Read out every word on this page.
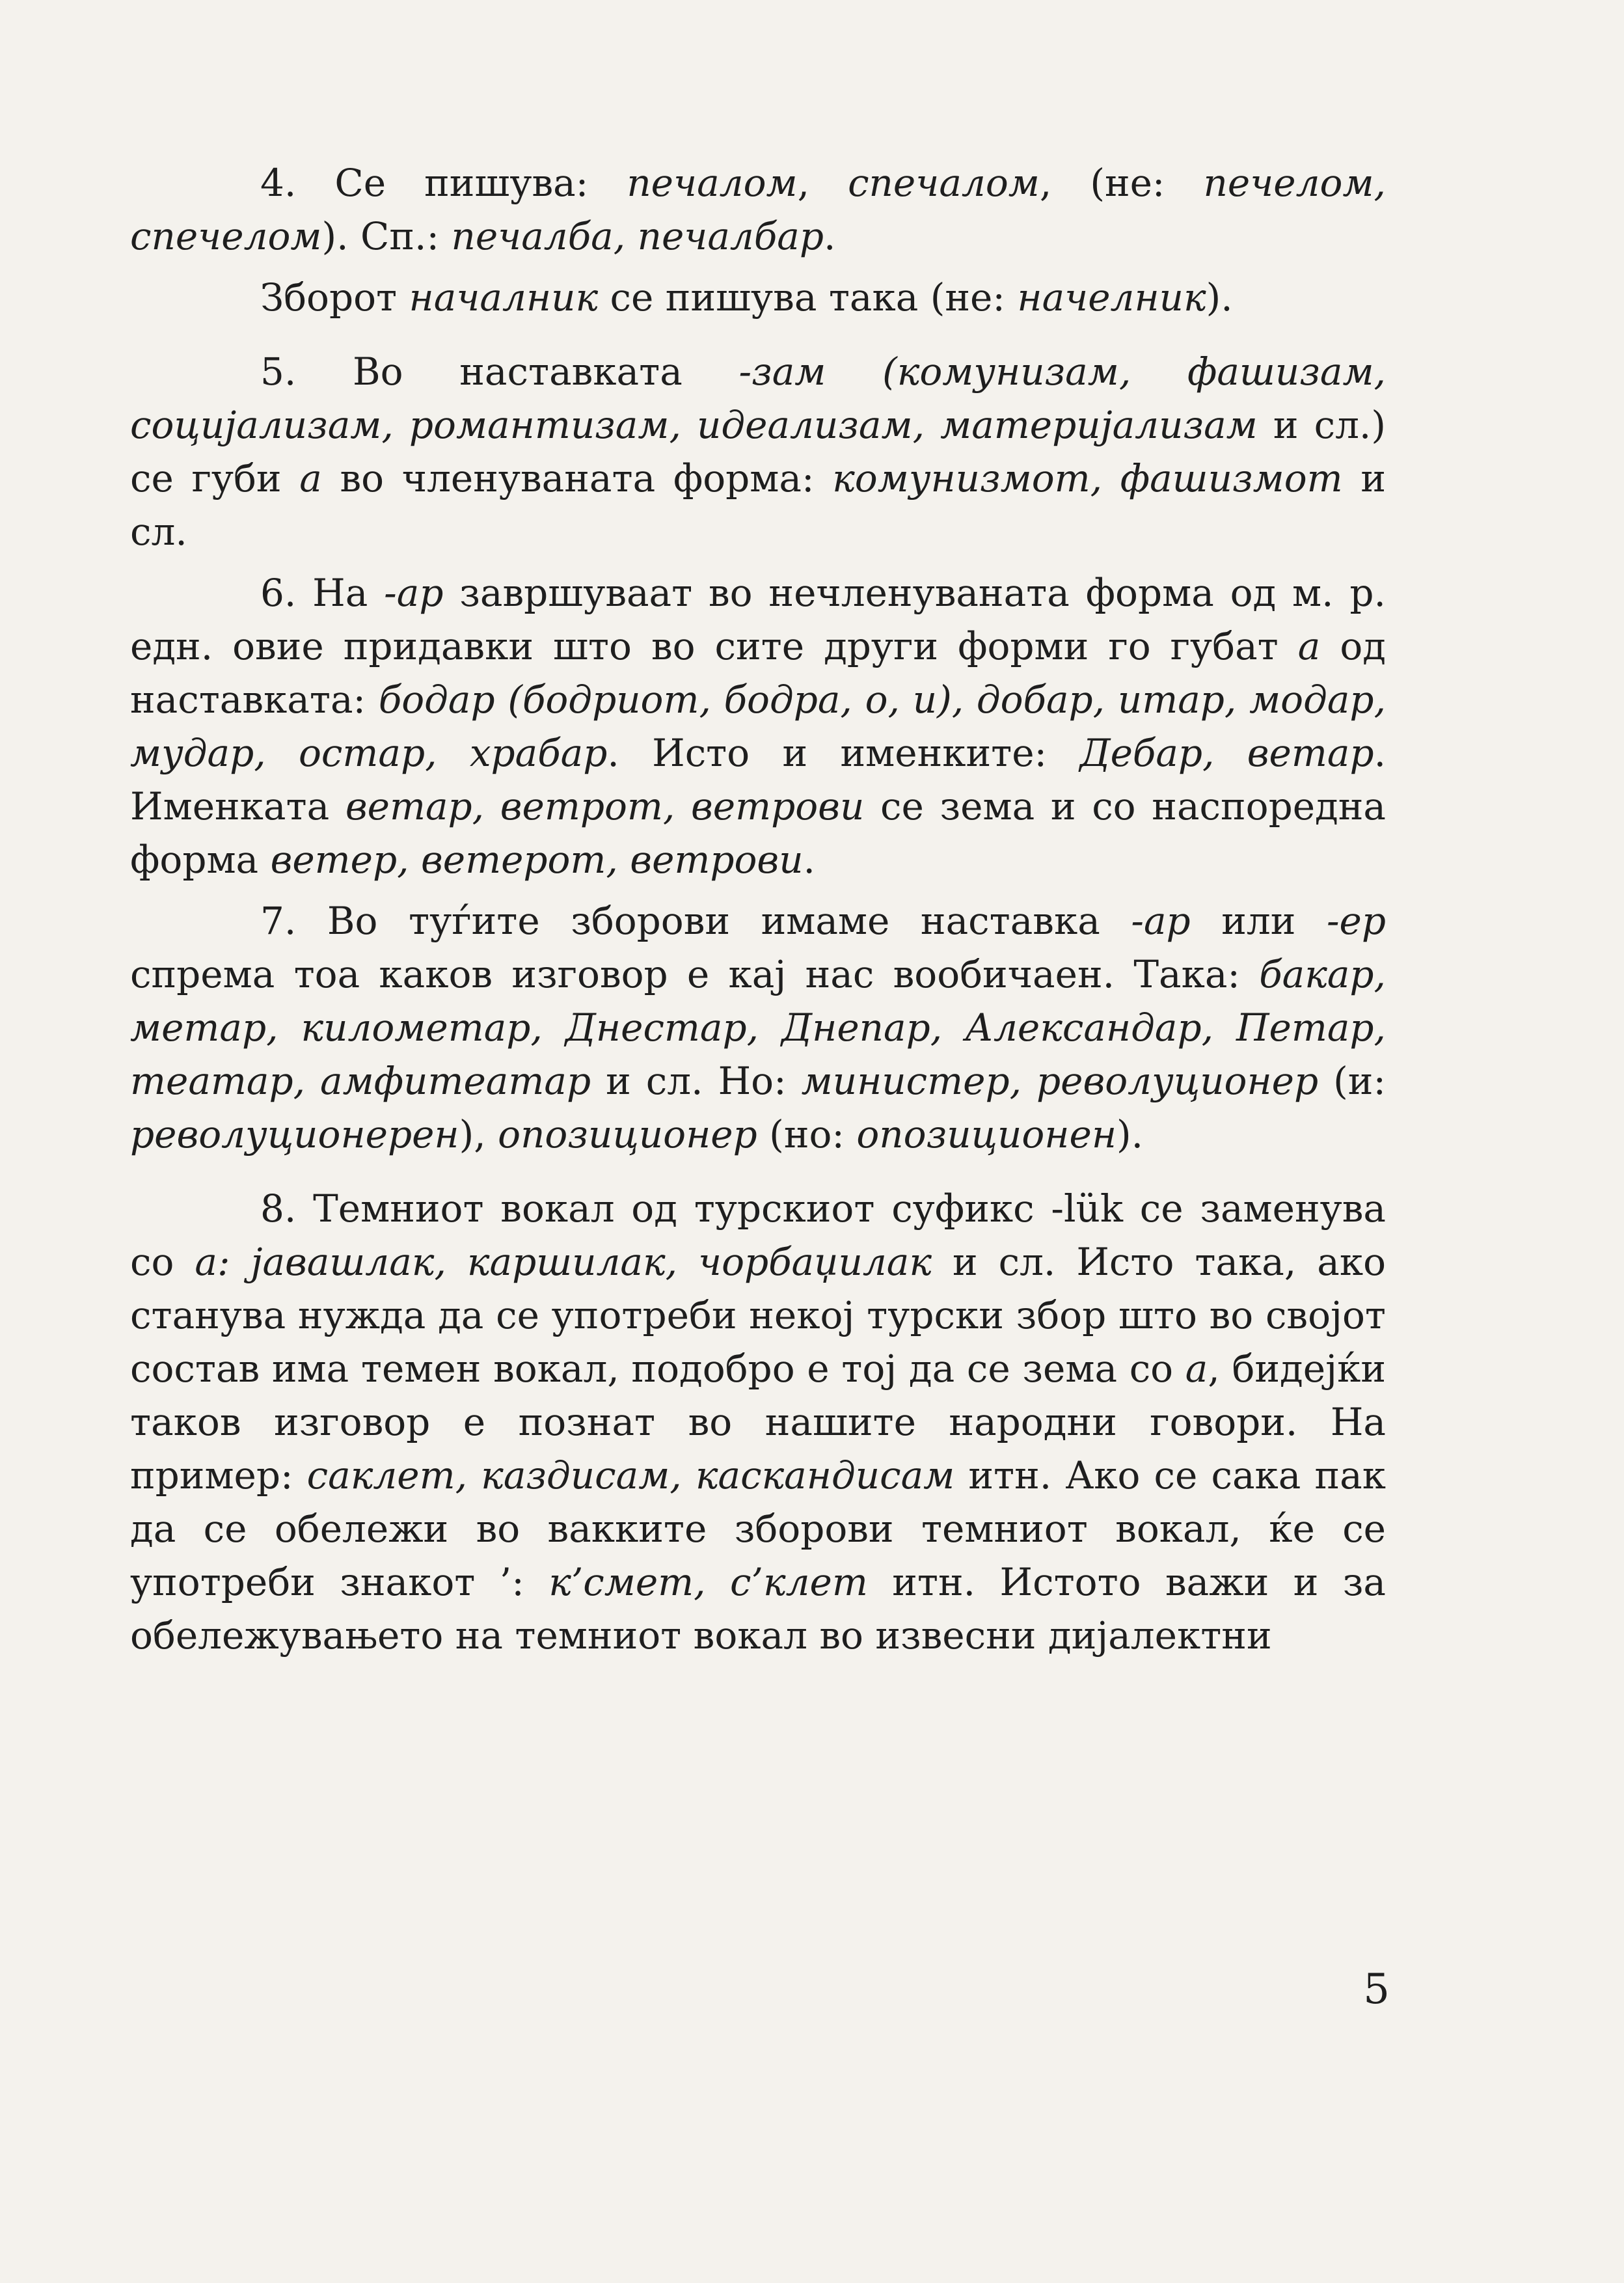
4. Се пишува: печалом, спечалом, (не: печелом, спечелом). Сп.: печалба, печалбар.

Зборот началник се пишува така (не: начелник).

5. Во наставката -зам (комунизам, фашизам, социјализам, романтизам, идеализам, материјализам и сл.) се губи а во членуваната форма: комунизмот, фашизмот и сл.

6. На -ар завршуваат во нечленуваната форма од м. р. едн. овие придавки што во сите други форми го губат а од наставката: бодар (бодриот, бодра, о, и), добар, итар, модар, мудар, остар, храбар. Исто и именките: Дебар, ветар. Именката ветар, ветрот, ветрови се зема и со наспоредна форма ветер, ветерот, ветрови.

7. Во туѓите зборови имаме наставка -ар или -ер спрема тоа каков изговор е кај нас вообичаен. Така: бакар, метар, километар, Днестар, Днепар, Александар, Петар, театар, амфитеатар и сл. Но: министер, револуционер (и: револуционерен), опозиционер (но: опозиционен).

8. Темниот вокал од турскиот суфикс -lük се заменува со а: јавашлак, каршилак, чорбаџилак и сл. Исто така, ако станува нужда да се употреби некој турски збор што во својот состав има темен вокал, подобро е тој да се зема со а, бидејќи таков изговор е познат во нашите народни говори. На пример: саклет, каздисам, каскандисам итн. Ако се сака пак да се обележи во вакките зборови темниот вокал, ќе се употреби знакот ’: к’смет, с’клет итн. Истото важи и за обележувањето на темниот вокал во извесни дијалектни

5
